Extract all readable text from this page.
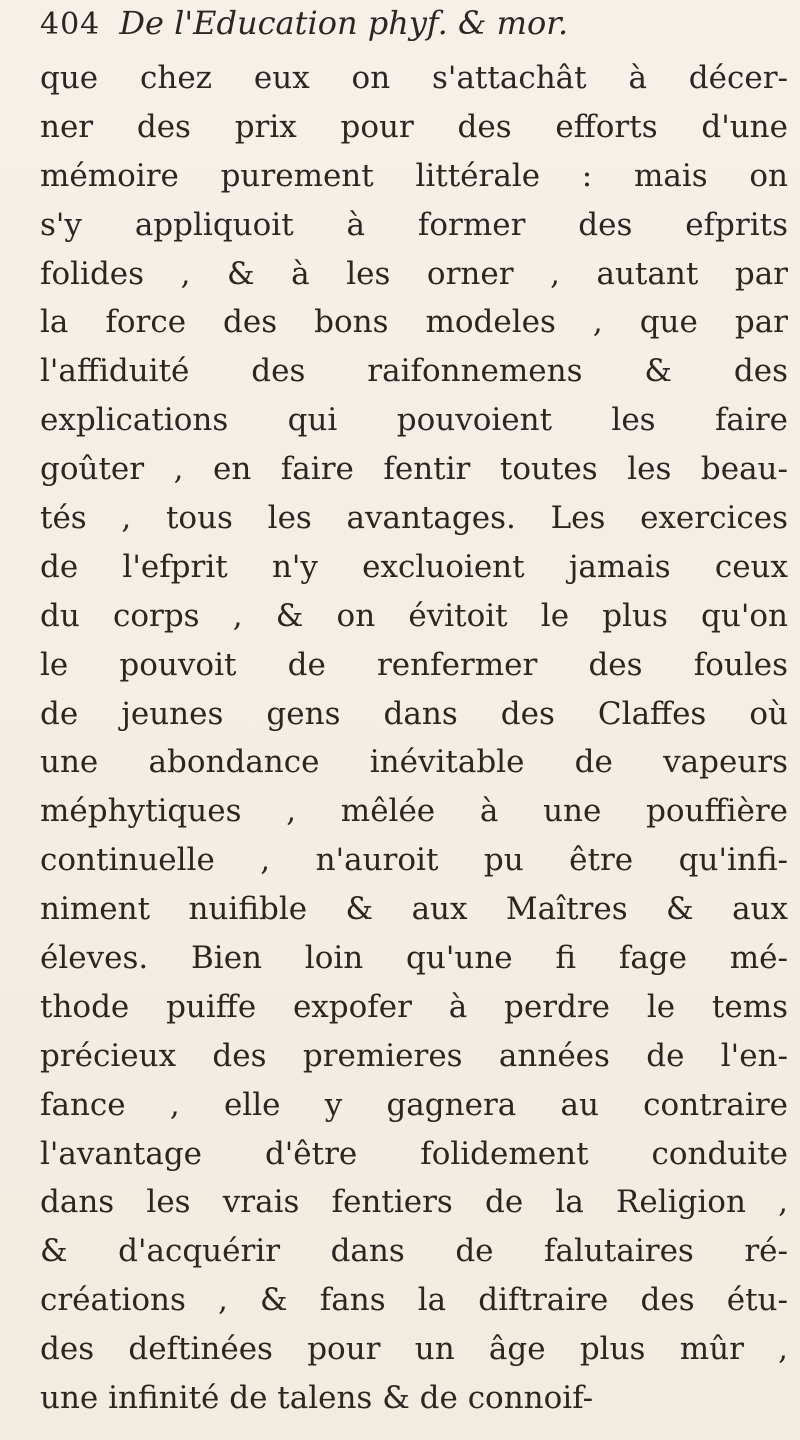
404 De l'Education phyf. & mor.
que chez eux on s'attachât à décer-
ner des prix pour des efforts d'une
mémoire purement littérale : mais on
s'y appliquoit à former des efprits
folides , & à les orner , autant par
la force des bons modeles , que par
l'affiduité des raifonnemens & des
explications qui pouvoient les faire
goûter , en faire fentir toutes les beau-
tés , tous les avantages. Les exercices
de l'efprit n'y excluoient jamais ceux
du corps , & on évitoit le plus qu'on
le pouvoit de renfermer des foules
de jeunes gens dans des Claffes où
une abondance inévitable de vapeurs
méphytiques , mêlée à une pouffière
continuelle , n'auroit pu être qu'infi-
niment nuifible & aux Maîtres & aux
éleves. Bien loin qu'une fi fage mé-
thode puiffe expofer à perdre le tems
précieux des premieres années de l'en-
fance , elle y gagnera au contraire
l'avantage d'être folidement conduite
dans les vrais fentiers de la Religion ,
& d'acquérir dans de falutaires ré-
créations , & fans la diftraire des étu-
des deftinées pour un âge plus mûr ,
une infinité de talens & de connoif-
